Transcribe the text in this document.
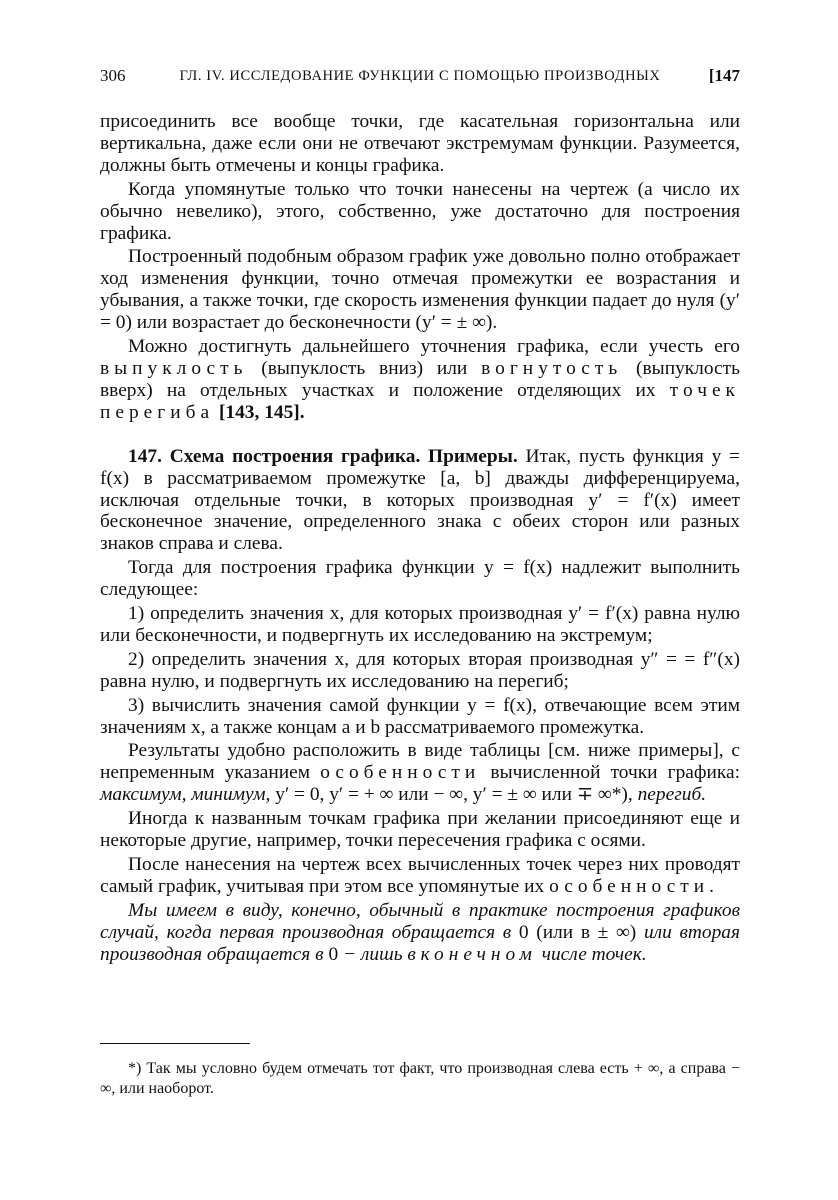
306	ГЛ. IV. ИССЛЕДОВАНИЕ ФУНКЦИИ С ПОМОЩЬЮ ПРОИЗВОДНЫХ	[147

присоединить все вообще точки, где касательная горизонтальна или вертикальна, даже если они не отвечают экстремумам функции. Разумеется, должны быть отмечены и концы графика.

Когда упомянутые только что точки нанесены на чертеж (а число их обычно невелико), этого, собственно, уже достаточно для построения графика.

Построенный подобным образом график уже довольно полно отображает ход изменения функции, точно отмечая промежутки ее возрастания и убывания, а также точки, где скорость изменения функции падает до нуля (y′ = 0) или возрастает до бесконечности (y′ = ± ∞).

Можно достигнуть дальнейшего уточнения графика, если учесть его выпуклость (выпуклость вниз) или вогнутость (выпуклость вверх) на отдельных участках и положение отделяющих их точек перегиба [143, 145].

147. Схема построения графика. Примеры. Итак, пусть функция y = f(x) в рассматриваемом промежутке [a, b] дважды дифференцируема, исключая отдельные точки, в которых производная y′ = f′(x) имеет бесконечное значение, определенного знака с обеих сторон или разных знаков справа и слева.

Тогда для построения графика функции y = f(x) надлежит выполнить следующее:

1) определить значения x, для которых производная y′ = f′(x) равна нулю или бесконечности, и подвергнуть их исследованию на экстремум;

2) определить значения x, для которых вторая производная y″ = = f″(x) равна нулю, и подвергнуть их исследованию на перегиб;

3) вычислить значения самой функции y = f(x), отвечающие всем этим значениям x, а также концам a и b рассматриваемого промежутка.

Результаты удобно расположить в виде таблицы [см. ниже примеры], с непременным указанием особенности вычисленной точки графика: максимум, минимум, y′ = 0, y′ = + ∞ или − ∞, y′ = ± ∞ или ∓ ∞*), перегиб.

Иногда к названным точкам графика при желании присоединяют еще и некоторые другие, например, точки пересечения графика с осями.

После нанесения на чертеж всех вычисленных точек через них проводят самый график, учитывая при этом все упомянутые их особенности.

Мы имеем в виду, конечно, обычный в практике построения графиков случай, когда первая производная обращается в 0 (или в ± ∞) или вторая производная обращается в 0 − лишь в конечном числе точек.

*) Так мы условно будем отмечать тот факт, что производная слева есть + ∞, а справа − ∞, или наоборот.
